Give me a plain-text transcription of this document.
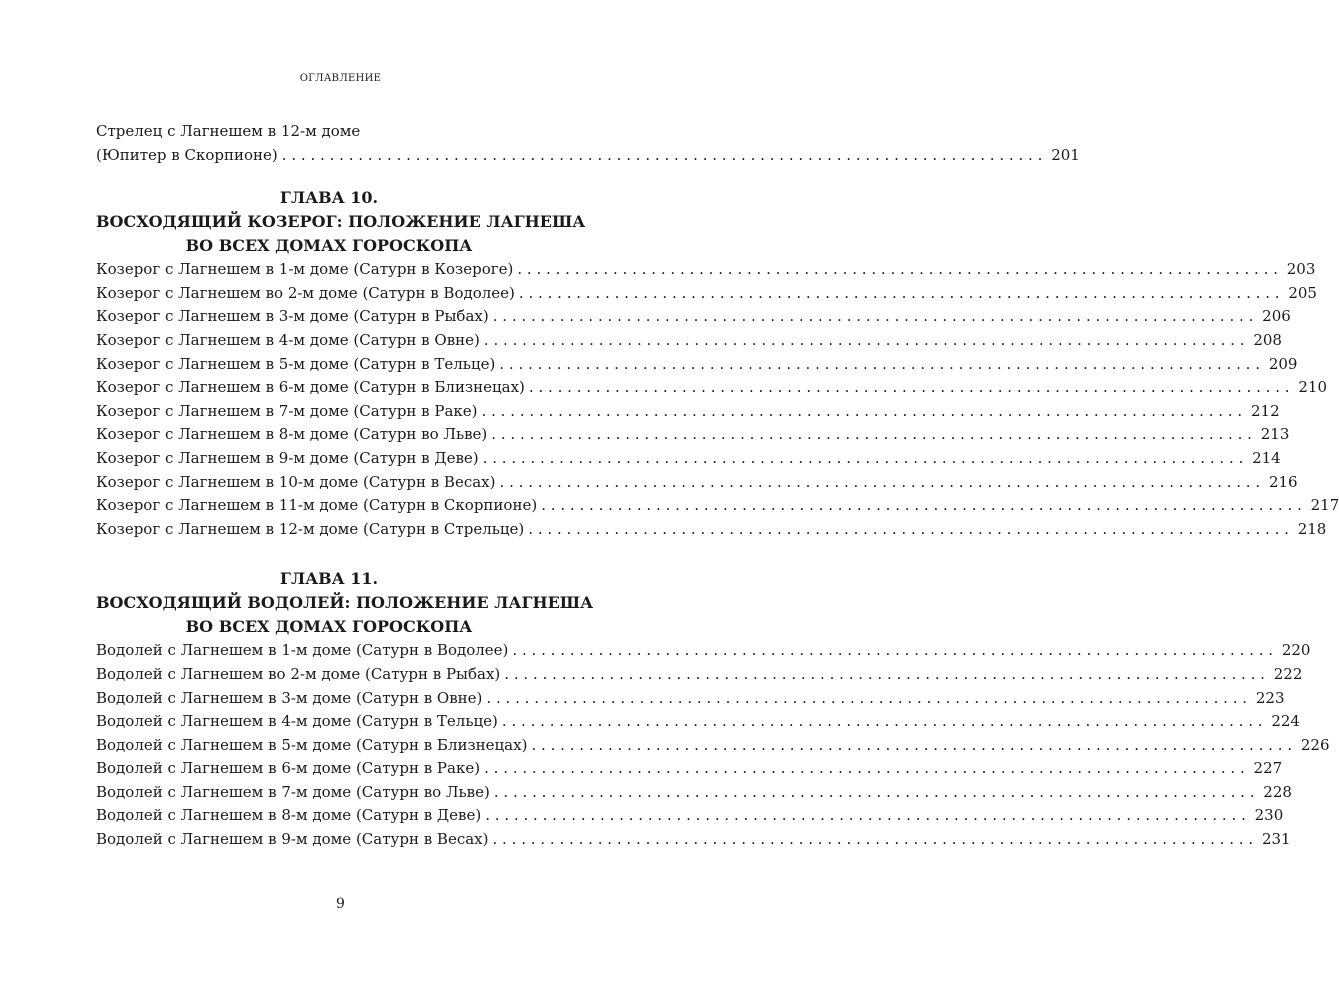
ОГЛАВЛЕНИЕ
Стрелец с Лагнешем в 12-м доме
(Юпитер в Скорпионе) ................................................................................ 201
ГЛАВА 10.
ВОСХОДЯЩИЙ КОЗЕРОГ: ПОЛОЖЕНИЕ ЛАГНЕША
ВО ВСЕХ ДОМАХ ГОРОСКОПА
Козерог с Лагнешем в 1-м доме (Сатурн в Козероге) ................................................................................ 203
Козерог с Лагнешем во 2-м доме (Сатурн в Водолее) ................................................................................ 205
Козерог с Лагнешем в 3-м доме (Сатурн в Рыбах) ................................................................................ 206
Козерог с Лагнешем в 4-м доме (Сатурн в Овне) ................................................................................ 208
Козерог с Лагнешем в 5-м доме (Сатурн в Тельце) ................................................................................ 209
Козерог с Лагнешем в 6-м доме (Сатурн в Близнецах) ................................................................................ 210
Козерог с Лагнешем в 7-м доме (Сатурн в Раке) ................................................................................ 212
Козерог с Лагнешем в 8-м доме (Сатурн во Льве) ................................................................................ 213
Козерог с Лагнешем в 9-м доме (Сатурн в Деве) ................................................................................ 214
Козерог с Лагнешем в 10-м доме (Сатурн в Весах) ................................................................................ 216
Козерог с Лагнешем в 11-м доме (Сатурн в Скорпионе) ................................................................................ 217
Козерог с Лагнешем в 12-м доме (Сатурн в Стрельце) ................................................................................ 218
ГЛАВА 11.
ВОСХОДЯЩИЙ ВОДОЛЕЙ: ПОЛОЖЕНИЕ ЛАГНЕША
ВО ВСЕХ ДОМАХ ГОРОСКОПА
Водолей с Лагнешем в 1-м доме (Сатурн в Водолее) ................................................................................ 220
Водолей с Лагнешем во 2-м доме (Сатурн в Рыбах) ................................................................................ 222
Водолей с Лагнешем в 3-м доме (Сатурн в Овне) ................................................................................ 223
Водолей с Лагнешем в 4-м доме (Сатурн в Тельце) ................................................................................ 224
Водолей с Лагнешем в 5-м доме (Сатурн в Близнецах) ................................................................................ 226
Водолей с Лагнешем в 6-м доме (Сатурн в Раке) ................................................................................ 227
Водолей с Лагнешем в 7-м доме (Сатурн во Льве) ................................................................................ 228
Водолей с Лагнешем в 8-м доме (Сатурн в Деве) ................................................................................ 230
Водолей с Лагнешем в 9-м доме (Сатурн в Весах) ................................................................................ 231
9
